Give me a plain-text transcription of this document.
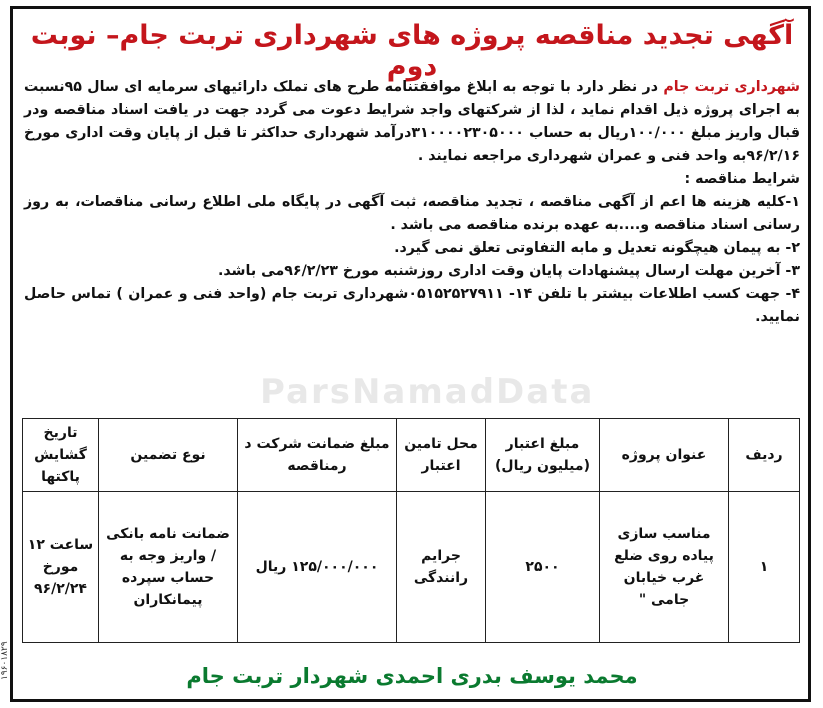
آگهی تجدید مناقصه پروژه های شهرداری تربت جام– نوبت دوم

شهرداری تربت جام در نظر دارد با توجه به ابلاغ موافقتنامه طرح های تملک دارائیهای سرمایه ای سال ۹۵نسبت به اجرای پروژه ذیل اقدام نماید ، لذا از شرکتهای واجد شرایط دعوت می گردد جهت در یافت اسناد مناقصه ودر قبال واریز مبلغ ۱۰۰/۰۰۰ریال به حساب ۳۱۰۰۰۰۲۳۰۵۰۰۰درآمد شهرداری حداکثر تا قبل از پایان وقت اداری مورخ ۹۶/۲/۱۶به واحد فنی و عمران شهرداری مراجعه نمایند .

شرایط مناقصه :

۱-کلیه هزینه ها اعم از آگهی مناقصه ، تجدید مناقصه، ثبت آگهی در پایگاه ملی اطلاع رسانی مناقصات، به روز رسانی اسناد مناقصه و....به عهده برنده مناقصه می باشد .

۲- به پیمان هیچگونه تعدیل و مابه التفاوتی تعلق نمی گیرد.

۳- آخرین مهلت ارسال پیشنهادات پایان وقت اداری روزشنبه مورخ ۹۶/۲/۲۳می باشد.

۴- جهت کسب اطلاعات بیشتر با تلفن ۱۴- ۰۵۱۵۲۵۲۷۹۱۱شهرداری تربت جام (واحد فنی و عمران ) تماس حاصل نمایید.

ParsNamadData
ردیف	عنوان پروژه	مبلغ اعتبار (میلیون ریال)	محل تامین اعتبار	مبلغ ضمانت شرکت د رمناقصه	نوع تضمین	تاریخ گشایش پاکتها
۱	مناسب سازی پیاده روی ضلع غرب خیابان جامی "	۲۵۰۰	جرایم رانندگی	۱۲۵/۰۰۰/۰۰۰ ریال	ضمانت نامه بانکی / واریز وجه به حساب سپرده پیمانکاران	ساعت ۱۲ مورخ ۹۶/۲/۲۴
محمد یوسف بدری احمدی شهردار تربت جام
۱۹۶۰۱۸۲۹
